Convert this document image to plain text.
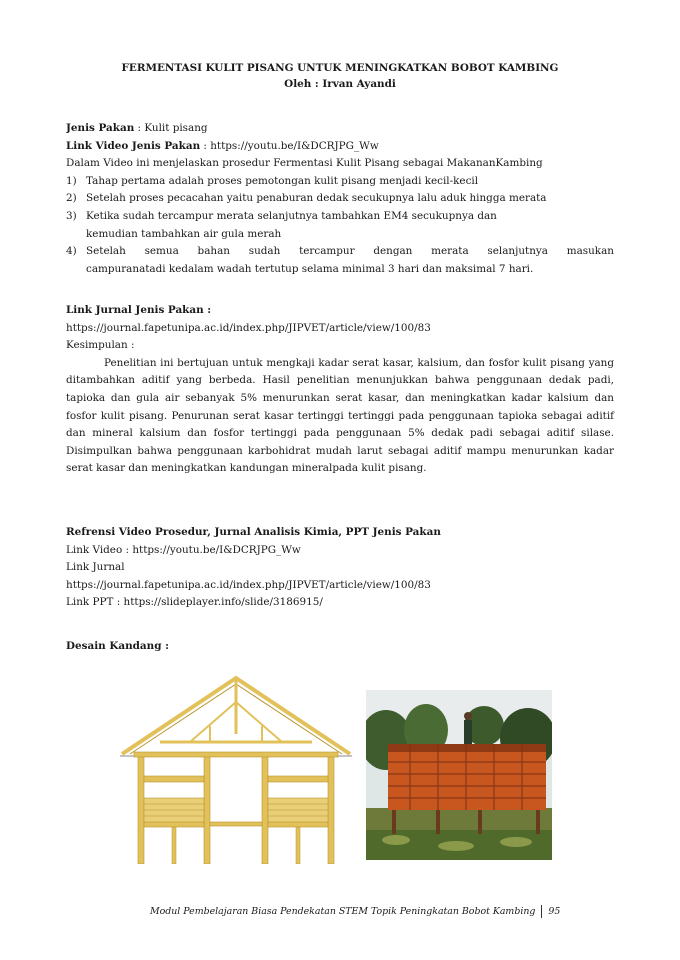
FERMENTASI KULIT PISANG UNTUK MENINGKATKAN BOBOT KAMBING
Oleh : Irvan Ayandi
Jenis Pakan : Kulit pisang
Link Video Jenis Pakan : https://youtu.be/I&DCRJPG_Ww
Dalam Video ini menjelaskan prosedur Fermentasi Kulit Pisang sebagai MakananKambing
1) Tahap pertama adalah proses pemotongan kulit pisang menjadi kecil-kecil
2) Setelah proses pecacahan yaitu penaburan dedak secukupnya lalu aduk hingga merata
3) Ketika sudah tercampur merata selanjutnya tambahkan EM4 secukupnya dan
kemudian tambahkan air gula merah
4) Setelah semua bahan sudah tercampur dengan merata selanjutnya masukan
campuranatadi kedalam wadah tertutup selama minimal 3 hari dan maksimal 7 hari.
Link Jurnal Jenis Pakan :
https://journal.fapetunipa.ac.id/index.php/JIPVET/article/view/100/83
Kesimpulan :
Penelitian ini bertujuan untuk mengkaji kadar serat kasar, kalsium, dan fosfor kulit pisang yang ditambahkan aditif yang berbeda. Hasil penelitian menunjukkan bahwa penggunaan dedak padi, tapioka dan gula air sebanyak 5% menurunkan serat kasar, dan meningkatkan kadar kalsium dan fosfor kulit pisang. Penurunan serat kasar tertinggi tertinggi pada penggunaan tapioka sebagai aditif dan mineral kalsium dan fosfor tertinggi pada penggunaan 5% dedak padi sebagai aditif silase. Disimpulkan bahwa penggunaan karbohidrat mudah larut sebagai aditif mampu menurunkan kadar serat kasar dan meningkatkan kandungan mineralpada kulit pisang.
Refrensi Video Prosedur, Jurnal Analisis Kimia, PPT Jenis Pakan
Link Video : https://youtu.be/I&DCRJPG_Ww
Link Jurnal
https://journal.fapetunipa.ac.id/index.php/JIPVET/article/view/100/83
Link PPT : https://slideplayer.info/slide/3186915/
Desain Kandang :
Modul Pembelajaran Biasa Pendekatan STEM Topik Peningkatan Bobot Kambing 95
